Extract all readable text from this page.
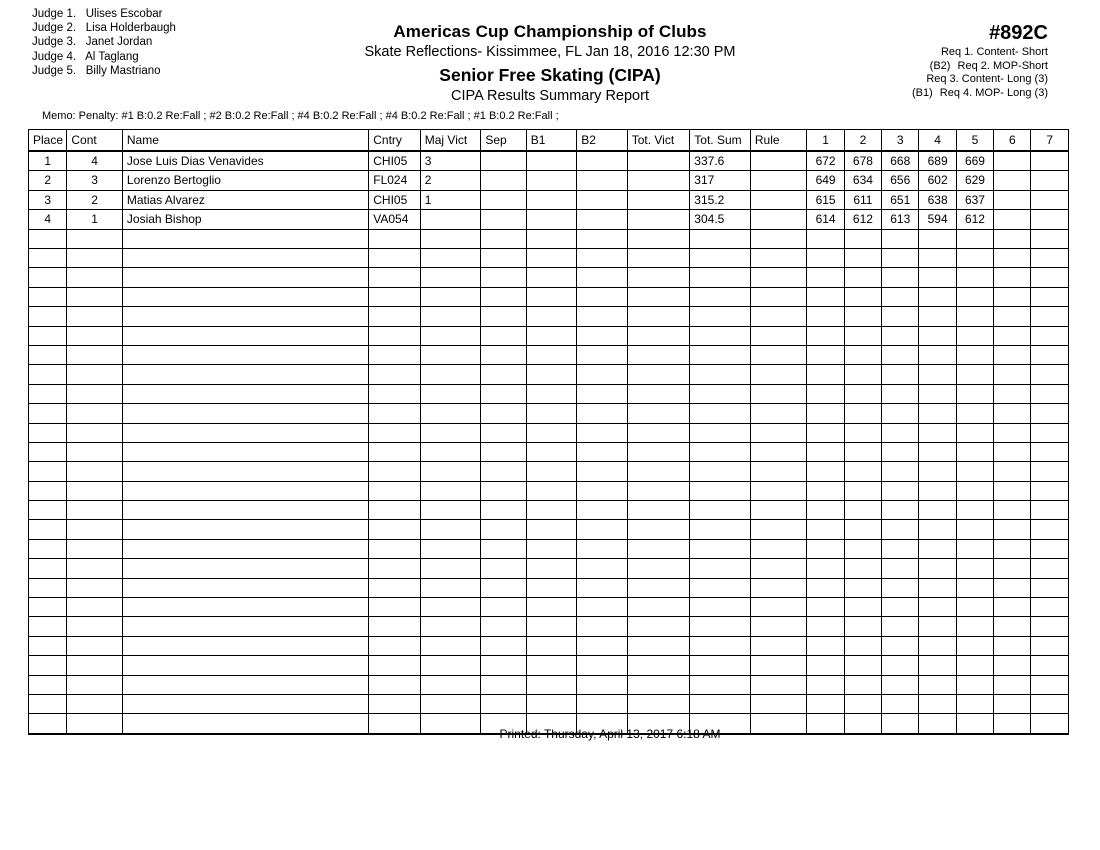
Judge 1. Ulises Escobar
Judge 2. Lisa Holderbaugh
Judge 3. Janet Jordan
Judge 4. Al Taglang
Judge 5. Billy Mastriano
Americas Cup Championship of Clubs
Skate Reflections- Kissimmee, FL Jan 18, 2016 12:30 PM
Senior Free Skating (CIPA)
CIPA Results Summary Report
#892C
Req 1. Content- Short
(B2) Req 2. MOP-Short
Req 3. Content- Long (3)
(B1) Req 4. MOP- Long (3)
Memo: Penalty: #1 B:0.2 Re:Fall ; #2 B:0.2 Re:Fall ; #4 B:0.2 Re:Fall ; #4 B:0.2 Re:Fall ; #1 B:0.2 Re:Fall ;
Place	Cont	Name	Cntry	Maj Vict	Sep	B1	B2	Tot. Vict	Tot. Sum	Rule	1	2	3	4	5	6	7
1	4	Jose Luis Dias Venavides	CHI05	3					337.6		672	678	668	689	669		
2	3	Lorenzo Bertoglio	FL024	2					317		649	634	656	602	629		
3	2	Matias Alvarez	CHI05	1					315.2		615	611	651	638	637		
4	1	Josiah Bishop	VA054						304.5		614	612	613	594	612		

Printed: Thursday, April 13, 2017 6:18 AM
